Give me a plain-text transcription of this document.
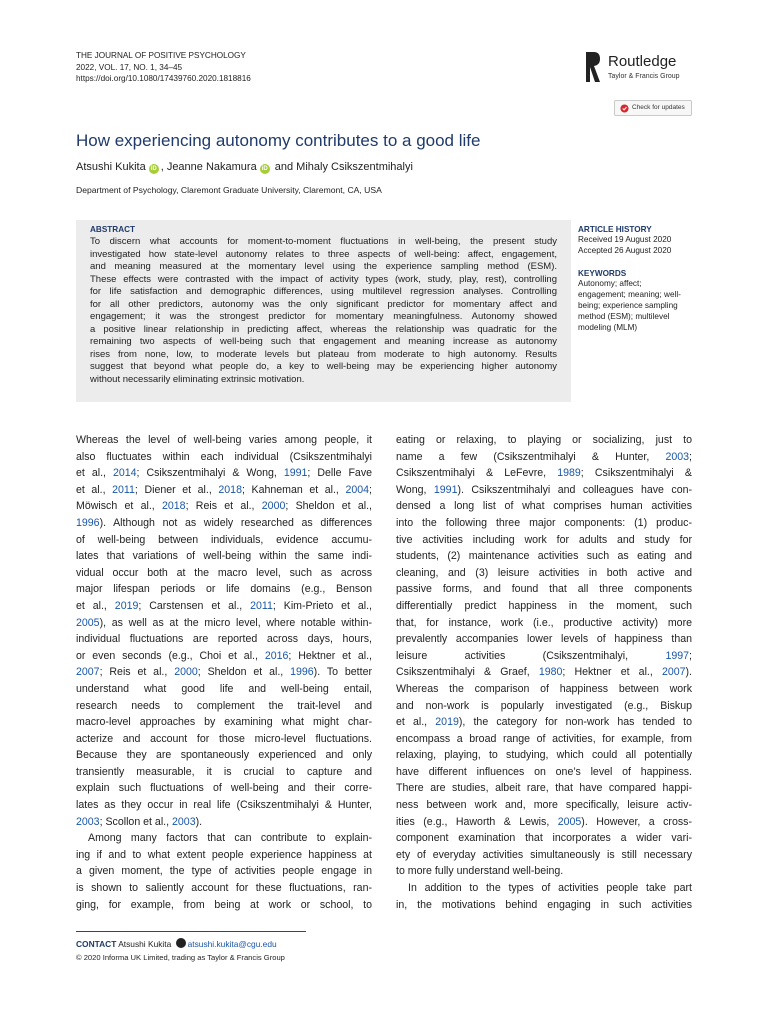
THE JOURNAL OF POSITIVE PSYCHOLOGY
2022, VOL. 17, NO. 1, 34–45
https://doi.org/10.1080/17439760.2020.1818816
ROUTLEDGE Routledge
Taylor & Francis Group
Check for updates
How experiencing autonomy contributes to a good life
Atsushi Kukita iD , Jeanne Nakamura iD and Mihaly Csikszentmihalyi
Department of Psychology, Claremont Graduate University, Claremont, CA, USA
ABSTRACT
To discern what accounts for moment-to-moment fluctuations in well-being, the present study
investigated how state-level autonomy relates to three aspects of well-being: affect, engagement,
and meaning measured at the momentary level using the experience sampling method (ESM).
These effects were contrasted with the impact of activity types (work, study, play, rest), controlling
for life satisfaction and demographic differences, using multilevel regression analyses. Controlling
for all other predictors, autonomy was the only significant predictor for momentary affect and
engagement; it was the strongest predictor for momentary meaningfulness. Autonomy showed
a positive linear relationship in predicting affect, whereas the relationship was quadratic for the
remaining two aspects of well-being such that engagement and meaning increase as autonomy
rises from none, low, to moderate levels but plateau from moderate to high autonomy. Results
suggest that beyond what people do, a key to well-being may be experiencing higher autonomy
without necessarily eliminating extrinsic motivation.
ARTICLE HISTORY
Received 19 August 2020
Accepted 26 August 2020
KEYWORDS
Autonomy; affect;
engagement; meaning; well-
being; experience sampling
method (ESM); multilevel
modeling (MLM)
Whereas the level of well-being varies among people, it
also fluctuates within each individual (Csikszentmihalyi
et al., 2014; Csikszentmihalyi & Wong, 1991; Delle Fave
et al., 2011; Diener et al., 2018; Kahneman et al., 2004;
Möwisch et al., 2018; Reis et al., 2000; Sheldon et al.,
1996). Although not as widely researched as differences
of well-being between individuals, evidence accumu-
lates that variations of well-being within the same indi-
vidual occur both at the macro level, such as across
major lifespan periods or life domains (e.g., Benson
et al., 2019; Carstensen et al., 2011; Kim-Prieto et al.,
2005), as well as at the micro level, where notable within-
individual fluctuations are reported across days, hours,
or even seconds (e.g., Choi et al., 2016; Hektner et al.,
2007; Reis et al., 2000; Sheldon et al., 1996). To better
understand what good life and well-being entail,
research needs to complement the trait-level and
macro-level approaches by examining what might char-
acterize and account for those micro-level fluctuations.
Because they are spontaneously experienced and only
transiently measurable, it is crucial to capture and
explain such fluctuations of well-being and their corre-
lates as they occur in real life (Csikszentmihalyi & Hunter,
2003; Scollon et al., 2003).
Among many factors that can contribute to explain-
ing if and to what extent people experience happiness at
a given moment, the type of activities people engage in
is shown to saliently account for these fluctuations, ran-
ging, for example, from being at work or school, to
eating or relaxing, to playing or socializing, just to
name a few (Csikszentmihalyi & Hunter, 2003;
Csikszentmihalyi & LeFevre, 1989; Csikszentmihalyi &
Wong, 1991). Csikszentmihalyi and colleagues have con-
densed a long list of what comprises human activities
into the following three major components: (1) produc-
tive activities including work for adults and study for
students, (2) maintenance activities such as eating and
cleaning, and (3) leisure activities in both active and
passive forms, and found that all three components
differentially predict happiness in the moment, such
that, for instance, work (i.e., productive activity) more
prevalently accompanies lower levels of happiness than
leisure activities (Csikszentmihalyi, 1997;
Csikszentmihalyi & Graef, 1980; Hektner et al., 2007).
Whereas the comparison of happiness between work
and non-work is popularly investigated (e.g., Biskup
et al., 2019), the category for non-work has tended to
encompass a broad range of activities, for example, from
relaxing, playing, to studying, which could all potentially
have different influences on one’s level of happiness.
There are studies, albeit rare, that have compared happi-
ness between work and, more specifically, leisure activ-
ities (e.g., Haworth & Lewis, 2005). However, a cross-
component examination that incorporates a wider vari-
ety of everyday activities simultaneously is still necessary
to more fully understand well-being.
In addition to the types of activities people take part
in, the motivations behind engaging in such activities
CONTACT Atsushi Kukita atsushi.kukita@cgu.edu
© 2020 Informa UK Limited, trading as Taylor & Francis Group
